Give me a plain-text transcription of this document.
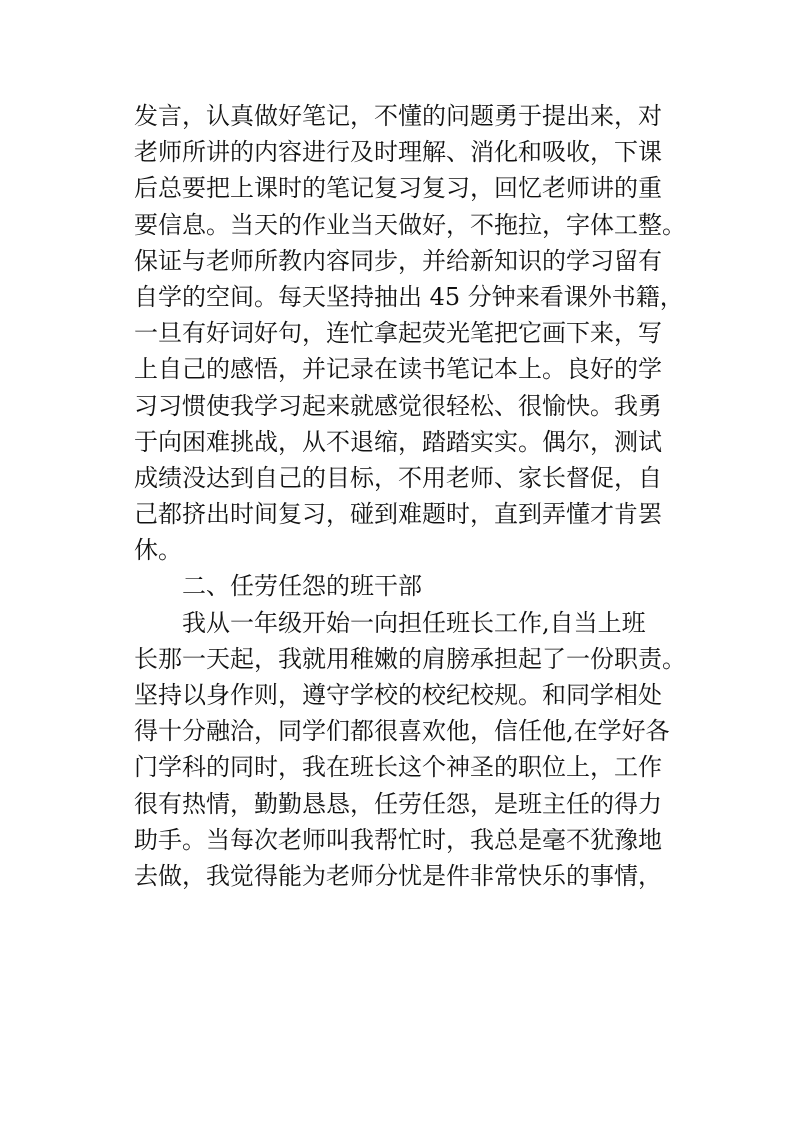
发言，认真做好笔记，不懂的问题勇于提出来，对
老师所讲的内容进行及时理解、消化和吸收，下课
后总要把上课时的笔记复习复习，回忆老师讲的重
要信息。当天的作业当天做好，不拖拉，字体工整。
保证与老师所教内容同步，并给新知识的学习留有
自学的空间。每天坚持抽出 45 分钟来看课外书籍，
一旦有好词好句，连忙拿起荧光笔把它画下来，写
上自己的感悟，并记录在读书笔记本上。良好的学
习习惯使我学习起来就感觉很轻松、很愉快。我勇
于向困难挑战，从不退缩，踏踏实实。偶尔，测试
成绩没达到自己的目标，不用老师、家长督促，自
己都挤出时间复习，碰到难题时，直到弄懂才肯罢
休。
二、任劳任怨的班干部
我从一年级开始一向担任班长工作,自当上班
长那一天起，我就用稚嫩的肩膀承担起了一份职责。
坚持以身作则，遵守学校的校纪校规。和同学相处
得十分融洽，同学们都很喜欢他，信任他,在学好各
门学科的同时，我在班长这个神圣的职位上，工作
很有热情，勤勤恳恳，任劳任怨，是班主任的得力
助手。当每次老师叫我帮忙时，我总是毫不犹豫地
去做，我觉得能为老师分忧是件非常快乐的事情，
